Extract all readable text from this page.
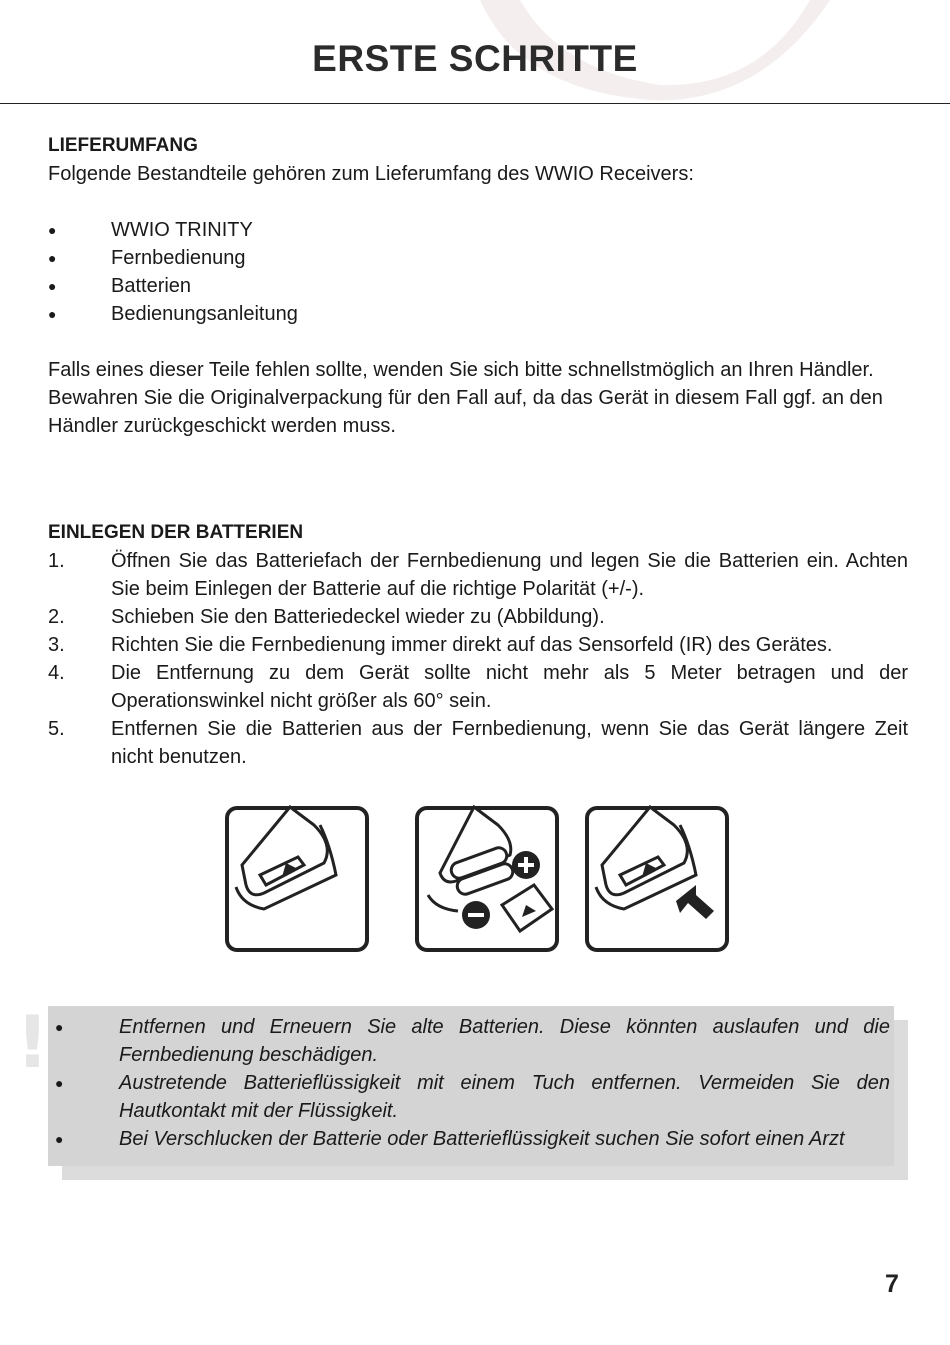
ERSTE SCHRITTE
LIEFERUMFANG

Folgende Bestandteile gehören zum Lieferumfang des WWIO Receivers:

●	WWIO TRINITY
●	Fernbedienung
●	Batterien
●	Bedienungsanleitung

Falls eines dieser Teile fehlen sollte, wenden Sie sich bitte schnellstmöglich an Ihren Händler.

Bewahren Sie die Originalverpackung für den Fall auf, da das Gerät in diesem Fall ggf. an den

Händler zurückgeschickt werden muss.

EINLEGEN DER BATTERIEN
1. Öffnen Sie das Batteriefach der Fernbedienung und legen Sie die Batterien ein. Achten Sie beim Einlegen der Batterie auf die richtige Polarität (+/-).
2. Schieben Sie den Batteriedeckel wieder zu (Abbildung).
3. Richten Sie die Fernbedienung immer direkt auf das Sensorfeld (IR) des Gerätes.
4. Die Entfernung zu dem Gerät sollte nicht mehr als 5 Meter betragen und der Operationswinkel nicht größer als 60° sein.
5. Entfernen Sie die Batterien aus der Fernbedienung, wenn Sie das Gerät längere Zeit nicht benutzen.
! ●	Entfernen und Erneuern Sie alte Batterien. Diese könnten auslaufen und die Fernbedienung beschädigen.
●	Austretende Batterieflüssigkeit mit einem Tuch entfernen. Vermeiden Sie den Hautkontakt mit der Flüssigkeit.
●	Bei Verschlucken der Batterie oder Batterieflüssigkeit suchen Sie sofort einen Arzt
7
